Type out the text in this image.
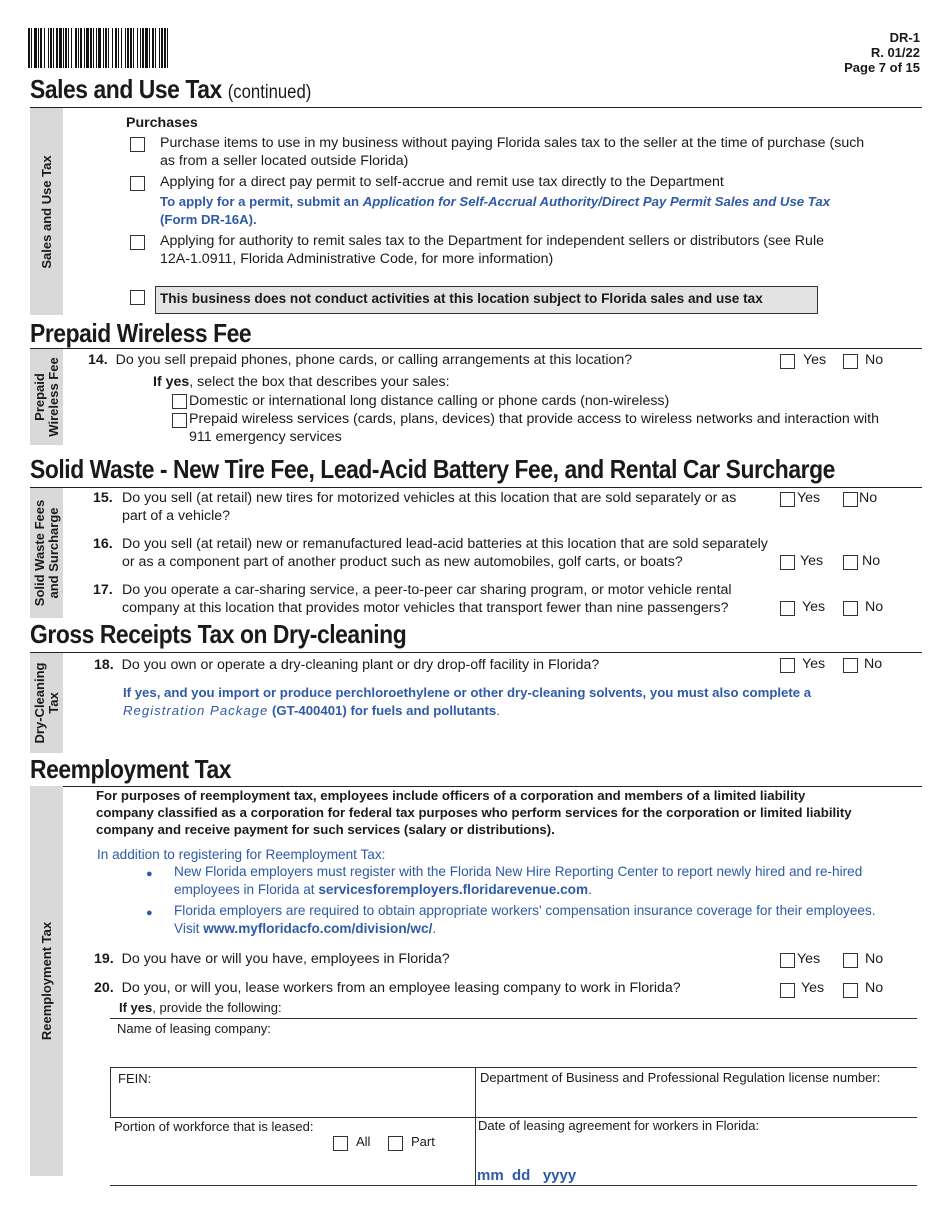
DR-1
R. 01/22
Page 7 of 15
Sales and Use Tax (continued)
Sales and Use Tax
Purchases
Purchase items to use in my business without paying Florida sales tax to the seller at the time of purchase (such
as from a seller located outside Florida)
Applying for a direct pay permit to self-accrue and remit use tax directly to the Department
To apply for a permit, submit an Application for Self-Accrual Authority/Direct Pay Permit Sales and Use Tax
(Form DR-16A).
Applying for authority to remit sales tax to the Department for independent sellers or distributors (see Rule
12A-1.0911, Florida Administrative Code, for more information)
This business does not conduct activities at this location subject to Florida sales and use tax
Prepaid Wireless Fee
Prepaid Wireless Fee 14. Do you sell prepaid phones, phone cards, or calling arrangements at this location?	Yes	No
If yes, select the box that describes your sales:
Domestic or international long distance calling or phone cards (non-wireless)
Prepaid wireless services (cards, plans, devices) that provide access to wireless networks and interaction with
911 emergency services
Solid Waste - New Tire Fee, Lead-Acid Battery Fee, and Rental Car Surcharge
Solid Waste Fees and Surcharge
15. Do you sell (at retail) new tires for motorized vehicles at this location that are sold separately or as
part of a vehicle?
Yes	No
16. Do you sell (at retail) new or remanufactured lead-acid batteries at this location that are sold separately
or as a component part of another product such as new automobiles, golf carts, or boats?	Yes	No
17. Do you operate a car-sharing service, a peer-to-peer car sharing program, or motor vehicle rental
company at this location that provides motor vehicles that transport fewer than nine passengers?	Yes	No
Gross Receipts Tax on Dry-cleaning
Dry-Cleaning Tax
18. Do you own or operate a dry-cleaning plant or dry drop-off facility in Florida?	Yes	No
If yes, and you import or produce perchloroethylene or other dry-cleaning solvents, you must also complete a
Registration Package (GT-400401) for fuels and pollutants.
Reemployment Tax
Reemployment Tax
For purposes of reemployment tax, employees include officers of a corporation and members of a limited liability
company classified as a corporation for federal tax purposes who perform services for the corporation or limited liability
company and receive payment for such services (salary or distributions).
In addition to registering for Reemployment Tax:
● New Florida employers must register with the Florida New Hire Reporting Center to report newly hired and re-hired
employees in Florida at servicesforemployers.floridarevenue.com.
● Florida employers are required to obtain appropriate workers' compensation insurance coverage for their employees.
Visit www.myfloridacfo.com/division/wc/.
19. Do you have or will you have, employees in Florida?	Yes	No
20. Do you, or will you, lease workers from an employee leasing company to work in Florida?	Yes	No
If yes, provide the following:
Name of leasing company:
FEIN:	Department of Business and Professional Regulation license number:
Portion of workforce that is leased:
All	Part
Date of leasing agreement for workers in Florida:
mm  dd   yyyy
